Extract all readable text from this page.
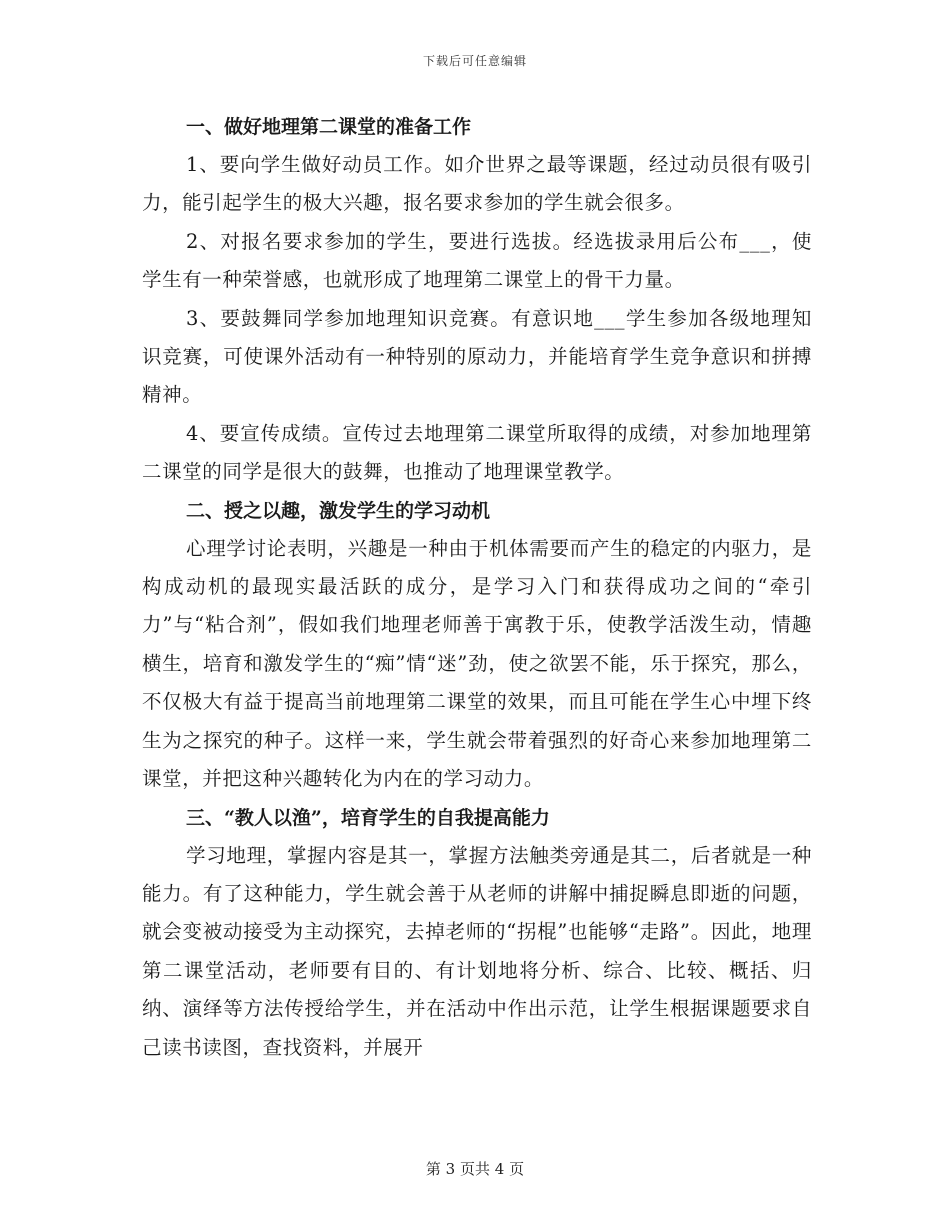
下载后可任意编辑

一、做好地理第二课堂的准备工作

1、要向学生做好动员工作。如介世界之最等课题，经过动员很有吸引力，能引起学生的极大兴趣，报名要求参加的学生就会很多。

2、对报名要求参加的学生，要进行选拔。经选拔录用后公布___，使学生有一种荣誉感，也就形成了地理第二课堂上的骨干力量。

3、要鼓舞同学参加地理知识竞赛。有意识地___学生参加各级地理知识竞赛，可使课外活动有一种特别的原动力，并能培育学生竞争意识和拼搏精神。

4、要宣传成绩。宣传过去地理第二课堂所取得的成绩，对参加地理第二课堂的同学是很大的鼓舞，也推动了地理课堂教学。

二、授之以趣，激发学生的学习动机

心理学讨论表明，兴趣是一种由于机体需要而产生的稳定的内驱力，是构成动机的最现实最活跃的成分，是学习入门和获得成功之间的“牵引力”与“粘合剂”，假如我们地理老师善于寓教于乐，使教学活泼生动，情趣横生，培育和激发学生的“痴”情“迷”劲，使之欲罢不能，乐于探究，那么，不仅极大有益于提高当前地理第二课堂的效果，而且可能在学生心中埋下终生为之探究的种子。这样一来，学生就会带着强烈的好奇心来参加地理第二课堂，并把这种兴趣转化为内在的学习动力。

三、“教人以渔”，培育学生的自我提高能力

学习地理，掌握内容是其一，掌握方法触类旁通是其二，后者就是一种能力。有了这种能力，学生就会善于从老师的讲解中捕捉瞬息即逝的问题，就会变被动接受为主动探究，去掉老师的“拐棍”也能够“走路”。因此，地理第二课堂活动，老师要有目的、有计划地将分析、综合、比较、概括、归纳、演绎等方法传授给学生，并在活动中作出示范，让学生根据课题要求自己读书读图，查找资料，并展开

第 3 页共 4 页
